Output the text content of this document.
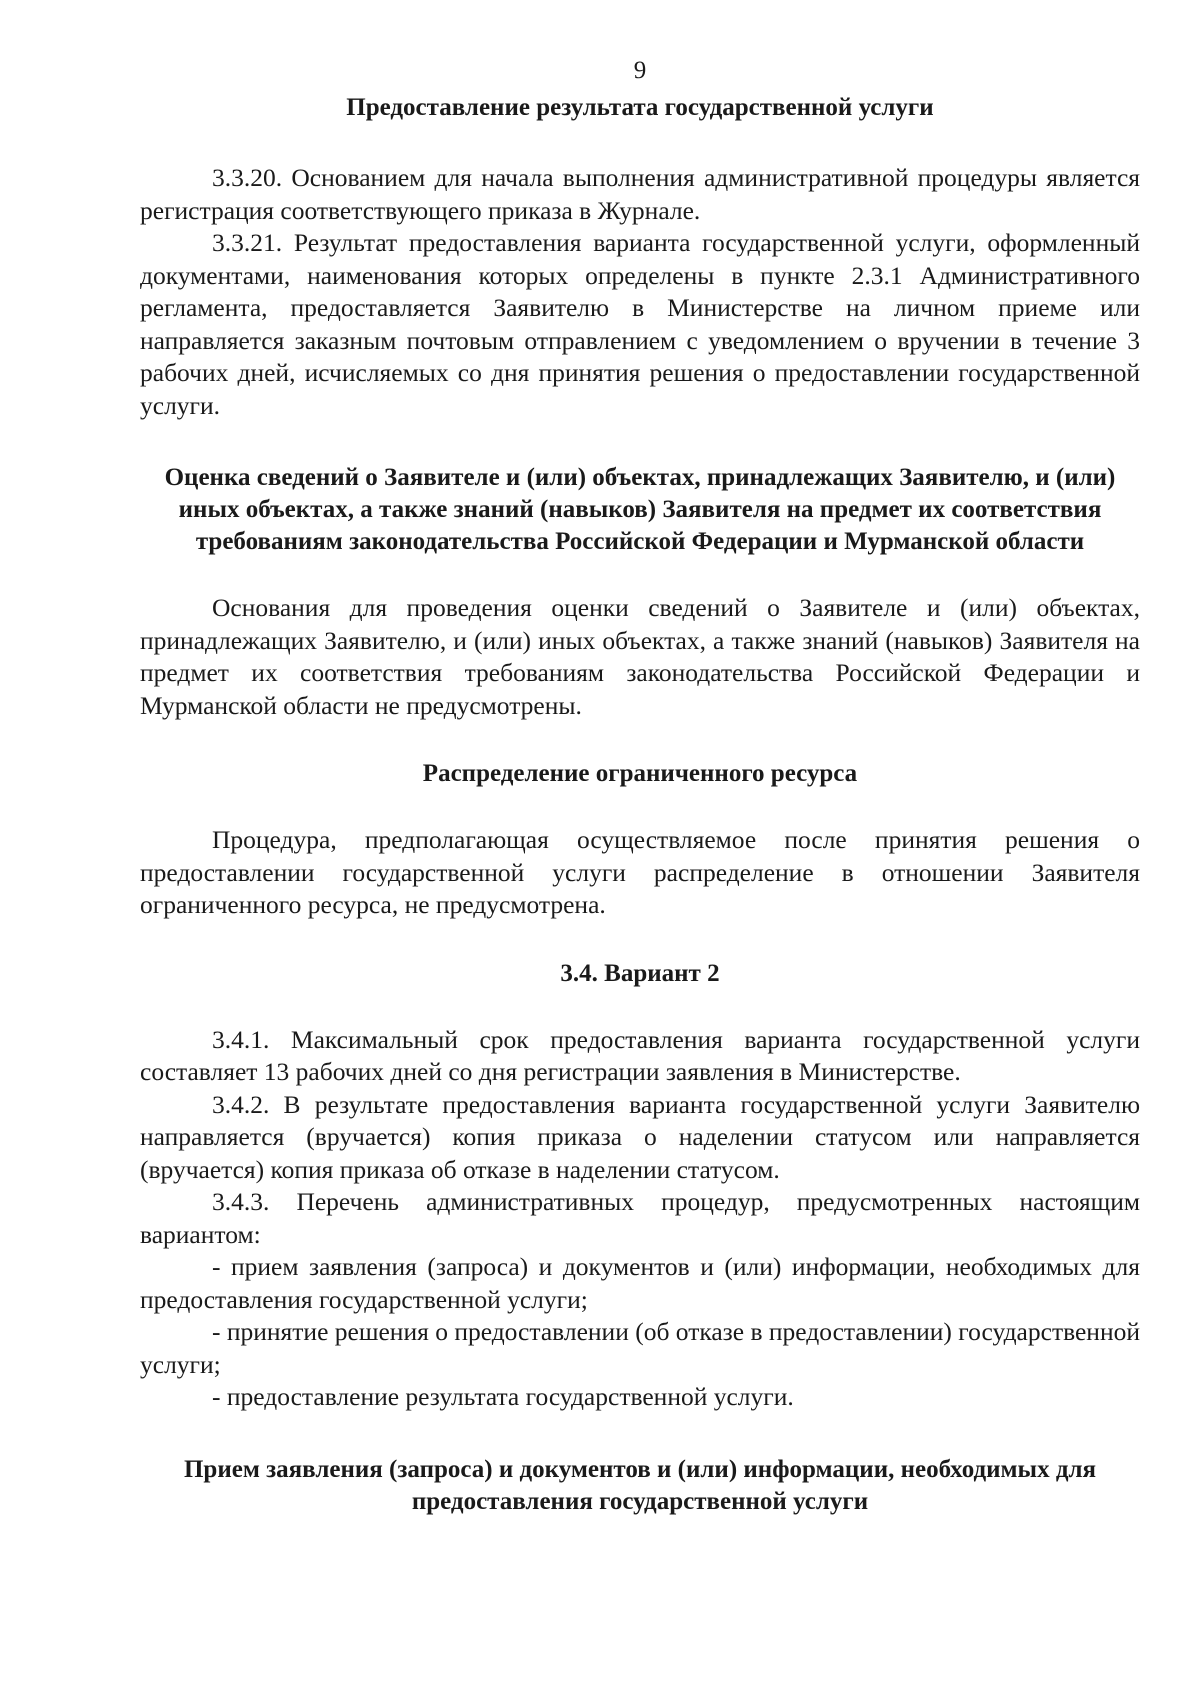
9
Предоставление результата государственной услуги

3.3.20. Основанием для начала выполнения административной процедуры является регистрация соответствующего приказа в Журнале.

3.3.21. Результат предоставления варианта государственной услуги, оформленный документами, наименования которых определены в пункте 2.3.1 Административного регламента, предоставляется Заявителю в Министерстве на личном приеме или направляется заказным почтовым отправлением с уведомлением о вручении в течение 3 рабочих дней, исчисляемых со дня принятия решения о предоставлении государственной услуги.

Оценка сведений о Заявителе и (или) объектах, принадлежащих Заявителю, и (или) иных объектах, а также знаний (навыков) Заявителя на предмет их соответствия требованиям законодательства Российской Федерации и Мурманской области

Основания для проведения оценки сведений о Заявителе и (или) объектах, принадлежащих Заявителю, и (или) иных объектах, а также знаний (навыков) Заявителя на предмет их соответствия требованиям законодательства Российской Федерации и Мурманской области не предусмотрены.

Распределение ограниченного ресурса

Процедура, предполагающая осуществляемое после принятия решения о предоставлении государственной услуги распределение в отношении Заявителя ограниченного ресурса, не предусмотрена.

3.4. Вариант 2

3.4.1. Максимальный срок предоставления варианта государственной услуги составляет 13 рабочих дней со дня регистрации заявления в Министерстве.

3.4.2. В результате предоставления варианта государственной услуги Заявителю направляется (вручается) копия приказа о наделении статусом или направляется (вручается) копия приказа об отказе в наделении статусом.

3.4.3. Перечень административных процедур, предусмотренных настоящим вариантом:

- прием заявления (запроса) и документов и (или) информации, необходимых для предоставления государственной услуги;

- принятие решения о предоставлении (об отказе в предоставлении) государственной услуги;

- предоставление результата государственной услуги.

Прием заявления (запроса) и документов и (или) информации, необходимых для предоставления государственной услуги
